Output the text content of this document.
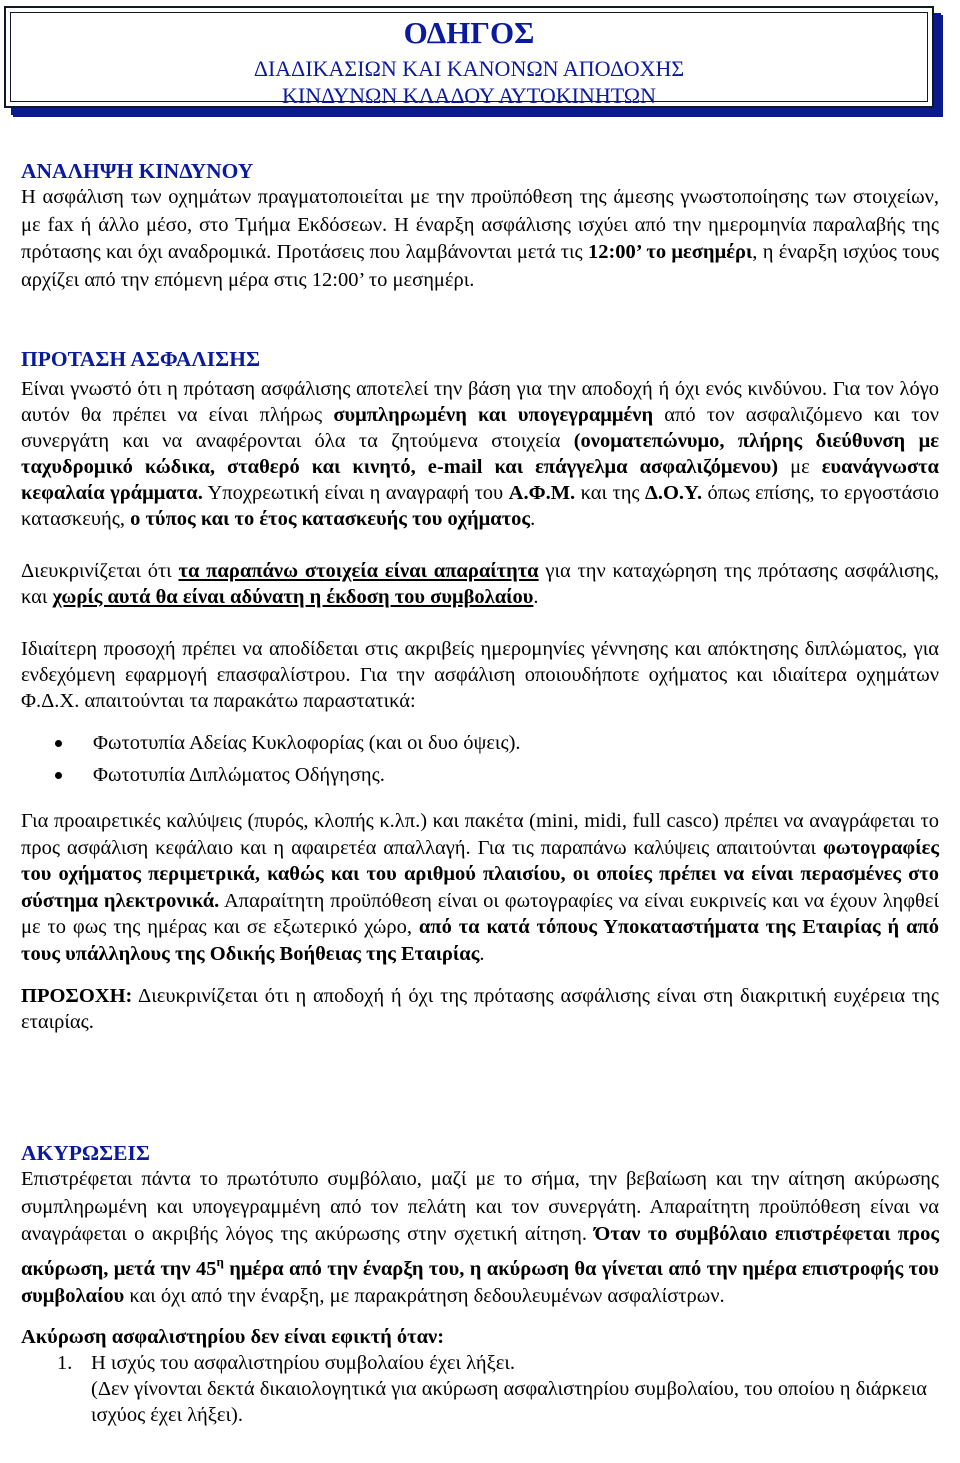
ΟΔΗΓΟΣ
ΔΙΑΔΙΚΑΣΙΩΝ ΚΑΙ ΚΑΝΟΝΩΝ ΑΠΟΔΟΧΗΣ
ΚΙΝΔΥΝΩΝ ΚΛΑΔΟΥ ΑΥΤΟΚΙΝΗΤΩΝ

ΑΝΑΛΗΨΗ ΚΙΝΔΥΝΟΥ

Η ασφάλιση των οχημάτων πραγματοποιείται με την προϋπόθεση της άμεσης γνωστοποίησης των στοιχείων, με fax ή άλλο μέσο, στο Τμήμα Εκδόσεων. Η έναρξη ασφάλισης ισχύει από την ημερομηνία παραλαβής της πρότασης και όχι αναδρομικά. Προτάσεις που λαμβάνονται μετά τις 12:00’ το μεσημέρι, η έναρξη ισχύος τους αρχίζει από την επόμενη μέρα στις 12:00’ το μεσημέρι.

ΠΡΟΤΑΣΗ ΑΣΦΑΛΙΣΗΣ

Είναι γνωστό ότι η πρόταση ασφάλισης αποτελεί την βάση για την αποδοχή ή όχι ενός κινδύνου. Για τον λόγο αυτόν θα πρέπει να είναι πλήρως συμπληρωμένη και υπογεγραμμένη από τον ασφαλιζόμενο και τον συνεργάτη και να αναφέρονται όλα τα ζητούμενα στοιχεία (ονοματεπώνυμο, πλήρης διεύθυνση με ταχυδρομικό κώδικα, σταθερό και κινητό, e-mail και επάγγελμα ασφαλιζόμενου) με ευανάγνωστα κεφαλαία γράμματα. Υποχρεωτική είναι η αναγραφή του Α.Φ.Μ. και της Δ.Ο.Υ. όπως επίσης, το εργοστάσιο κατασκευής, ο τύπος και το έτος κατασκευής του οχήματος.

Διευκρινίζεται ότι τα παραπάνω στοιχεία είναι απαραίτητα για την καταχώρηση της πρότασης ασφάλισης, και χωρίς αυτά θα είναι αδύνατη η έκδοση του συμβολαίου.

Ιδιαίτερη προσοχή πρέπει να αποδίδεται στις ακριβείς ημερομηνίες γέννησης και απόκτησης διπλώματος, για ενδεχόμενη εφαρμογή επασφαλίστρου. Για την ασφάλιση οποιουδήποτε οχήματος και ιδιαίτερα οχημάτων Φ.Δ.Χ. απαιτούνται τα παρακάτω παραστατικά:

Φωτοτυπία Αδείας Κυκλοφορίας (και οι δυο όψεις).
Φωτοτυπία Διπλώματος Οδήγησης.

Για προαιρετικές καλύψεις (πυρός, κλοπής κ.λπ.) και πακέτα (mini, midi, full casco) πρέπει να αναγράφεται το προς ασφάλιση κεφάλαιο και η αφαιρετέα απαλλαγή. Για τις παραπάνω καλύψεις απαιτούνται φωτογραφίες του οχήματος περιμετρικά, καθώς και του αριθμού πλαισίου, οι οποίες πρέπει να είναι περασμένες στο σύστημα ηλεκτρονικά. Απαραίτητη προϋπόθεση είναι οι φωτογραφίες να είναι ευκρινείς και να έχουν ληφθεί με το φως της ημέρας και σε εξωτερικό χώρο, από τα κατά τόπους Υποκαταστήματα της Εταιρίας ή από τους υπάλληλους της Οδικής Βοήθειας της Εταιρίας.

ΠΡΟΣΟΧΗ: Διευκρινίζεται ότι η αποδοχή ή όχι της πρότασης ασφάλισης είναι στη διακριτική ευχέρεια της εταιρίας.

ΑΚΥΡΩΣΕΙΣ

Επιστρέφεται πάντα το πρωτότυπο συμβόλαιο, μαζί με το σήμα, την βεβαίωση και την αίτηση ακύρωσης συμπληρωμένη και υπογεγραμμένη από τον πελάτη και τον συνεργάτη. Απαραίτητη προϋπόθεση είναι να αναγράφεται ο ακριβής λόγος της ακύρωσης στην σχετική αίτηση. Όταν το συμβόλαιο επιστρέφεται προς ακύρωση, μετά την $45^\eta$ ημέρα από την έναρξη του, η ακύρωση θα γίνεται από την ημέρα επιστροφής του συμβολαίου και όχι από την έναρξη, με παρακράτηση δεδουλευμένων ασφαλίστρων.

Ακύρωση ασφαλιστηρίου δεν είναι εφικτή όταν:

1. Η ισχύς του ασφαλιστηρίου συμβολαίου έχει λήξει.
(Δεν γίνονται δεκτά δικαιολογητικά για ακύρωση ασφαλιστηρίου συμβολαίου, του οποίου η διάρκεια ισχύος έχει λήξει).
